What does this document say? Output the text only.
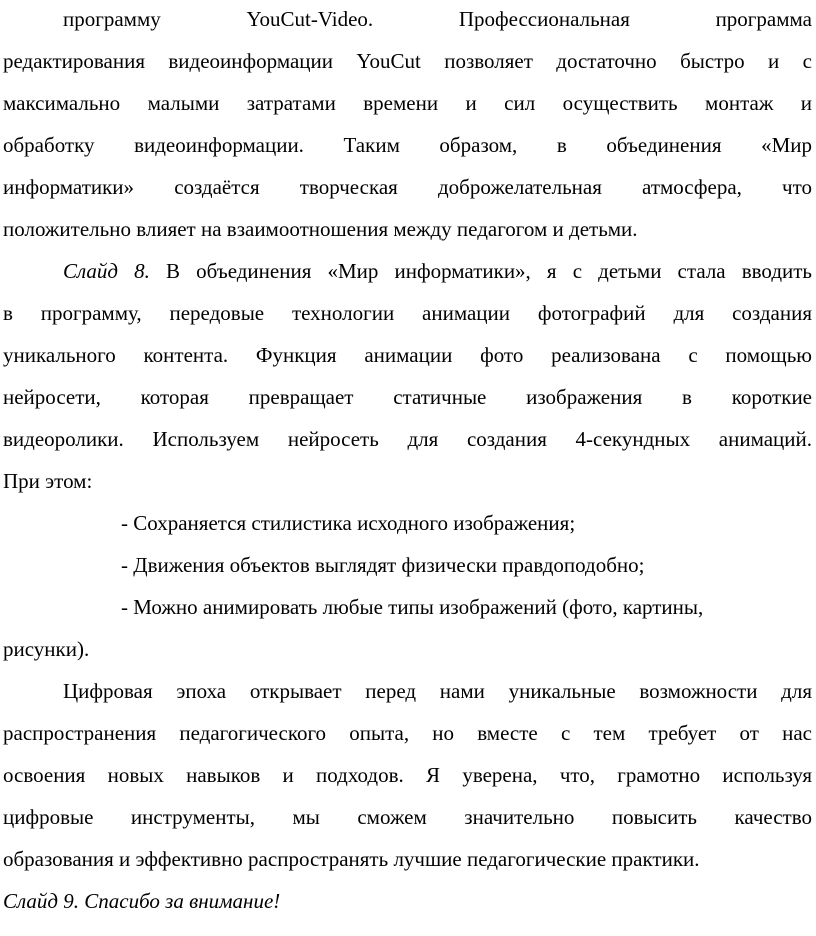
программу YouCut-Video. Профессиональная программа
редактирования видеоинформации YouCut позволяет достаточно быстро и с
максимально малыми затратами времени и сил осуществить монтаж и
обработку видеоинформации. Таким образом, в объединения «Мир
информатики» создаётся творческая доброжелательная атмосфера, что
положительно влияет на взаимоотношения между педагогом и детьми.
Слайд 8. В объединения «Мир информатики», я с детьми стала вводить
в программу, передовые технологии анимации фотографий для создания
уникального контента. Функция анимации фото реализована с помощью
нейросети, которая превращает статичные изображения в короткие
видеоролики. Используем нейросеть для создания 4-секундных анимаций.
При этом:
- Сохраняется стилистика исходного изображения;
- Движения объектов выглядят физически правдоподобно;
- Можно анимировать любые типы изображений (фото, картины,
рисунки).
Цифровая эпоха открывает перед нами уникальные возможности для
распространения педагогического опыта, но вместе с тем требует от нас
освоения новых навыков и подходов. Я уверена, что, грамотно используя
цифровые инструменты, мы сможем значительно повысить качество
образования и эффективно распространять лучшие педагогические практики.
Слайд 9. Спасибо за внимание!
